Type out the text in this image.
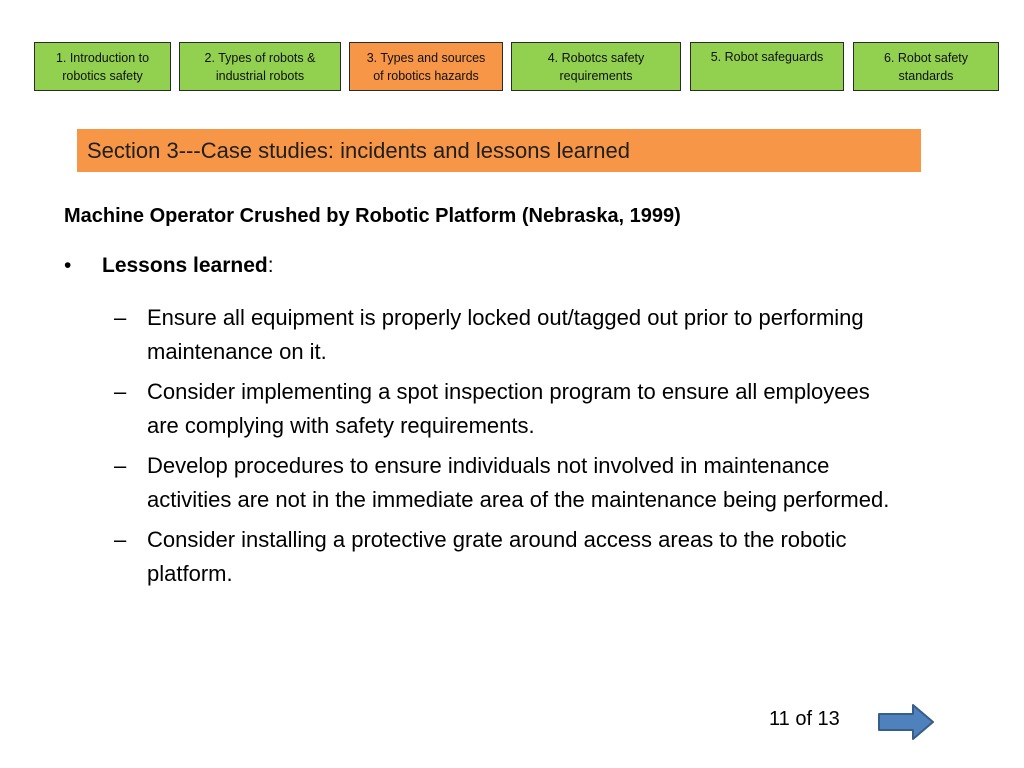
1. Introduction to
robotics safety
2. Types of robots &
industrial robots
3. Types and sources
of robotics hazards
4. Robotcs safety
requirements
5. Robot safeguards	6. Robot safety
standards
Section 3---Case studies: incidents and lessons learned
Machine Operator Crushed by Robotic Platform (Nebraska, 1999)
• Lessons learned:
– Ensure all equipment is properly locked out/tagged out prior to performing maintenance on it.
– Consider implementing a spot inspection program to ensure all employees are complying with safety requirements.
– Develop procedures to ensure individuals not involved in maintenance activities are not in the immediate area of the maintenance being performed.
– Consider installing a protective grate around access areas to the robotic platform.
11 of 13
